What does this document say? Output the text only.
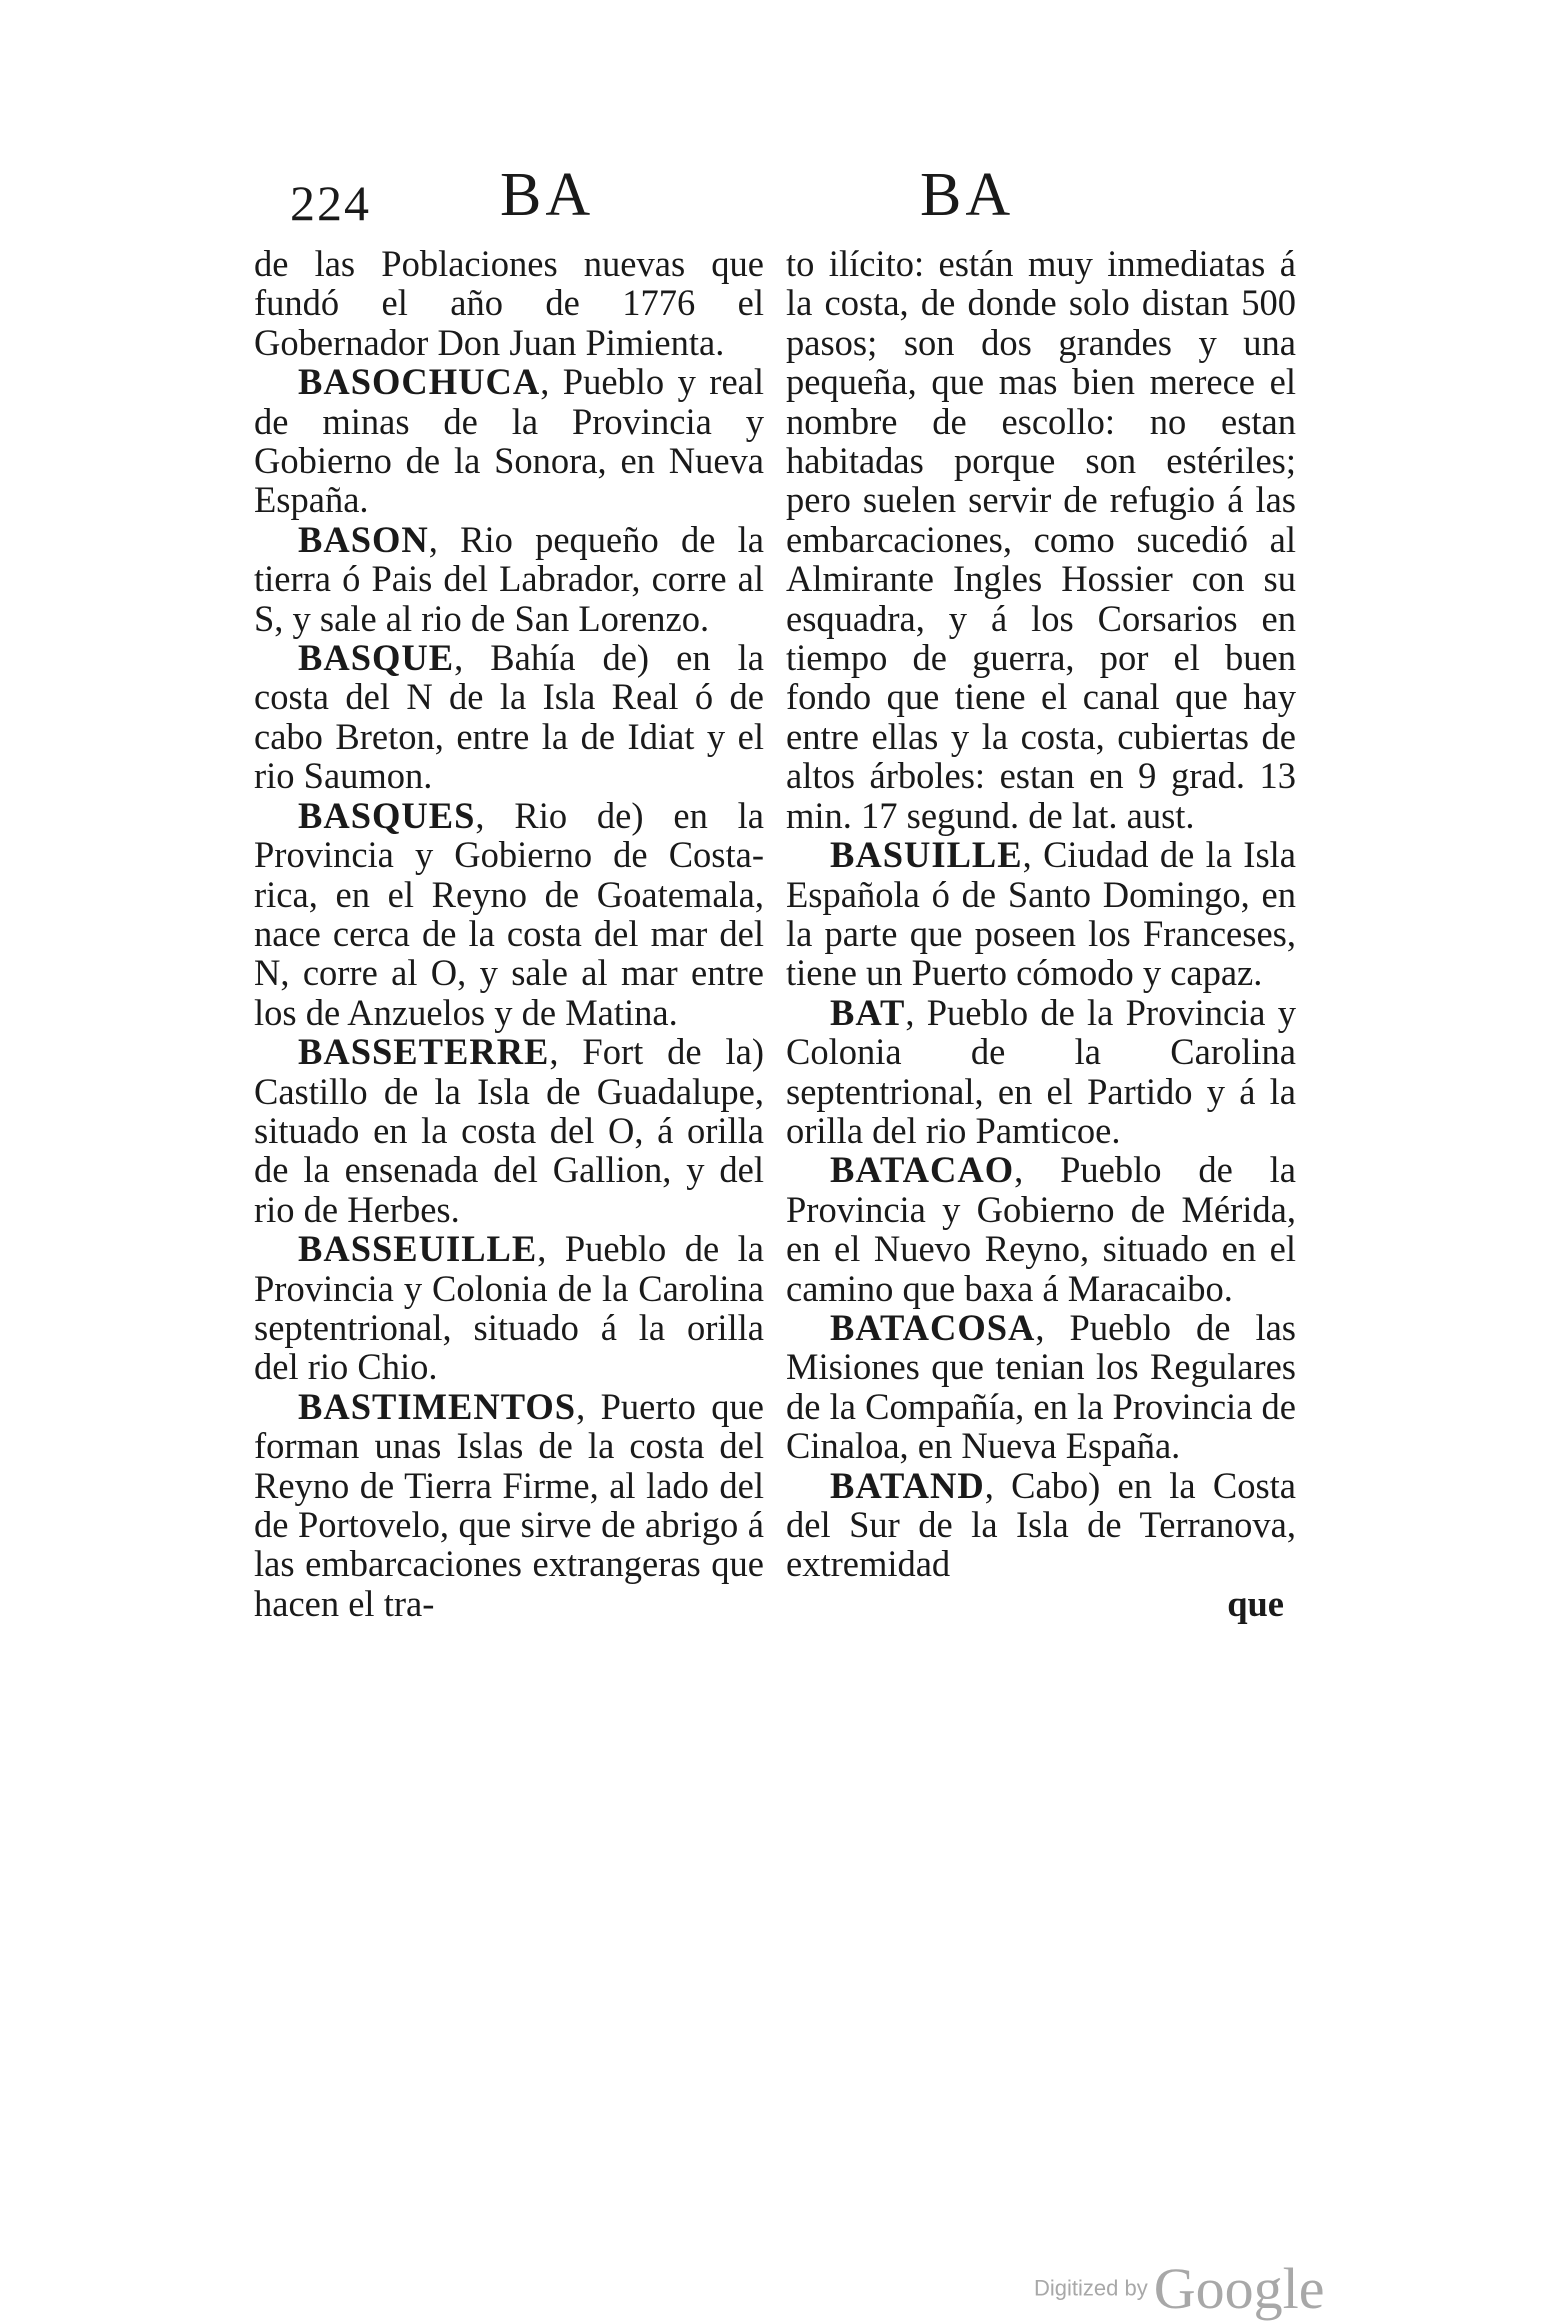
224 BA	BA

de las Poblaciones nuevas que fundó el año de 1776 el Gobernador Don Juan Pimienta.

BASOCHUCA, Pueblo y real de minas de la Provincia y Gobierno de la Sonora, en Nueva España.

BASON, Rio pequeño de la tierra ó Pais del Labrador, corre al S, y sale al rio de San Lorenzo.

BASQUE, Bahía de) en la costa del N de la Isla Real ó de cabo Breton, entre la de Idiat y el rio Saumon.

BASQUES, Rio de) en la Provincia y Gobierno de Costa-rica, en el Reyno de Goatemala, nace cerca de la costa del mar del N, corre al O, y sale al mar entre los de Anzuelos y de Matina.

BASSETERRE, Fort de la) Castillo de la Isla de Guadalupe, situado en la costa del O, á orilla de la ensenada del Gallion, y del rio de Herbes.

BASSEUILLE, Pueblo de la Provincia y Colonia de la Carolina septentrional, situado á la orilla del rio Chio.

BASTIMENTOS, Puerto que forman unas Islas de la costa del Reyno de Tierra Firme, al lado del de Portovelo, que sirve de abrigo á las embarcaciones extrangeras que hacen el tra-

to ilícito: están muy inmediatas á la costa, de donde solo distan 500 pasos; son dos grandes y una pequeña, que mas bien merece el nombre de escollo: no estan habitadas porque son estériles; pero suelen servir de refugio á las embarcaciones, como sucedió al Almirante Ingles Hossier con su esquadra, y á los Corsarios en tiempo de guerra, por el buen fondo que tiene el canal que hay entre ellas y la costa, cubiertas de altos árboles: estan en 9 grad. 13 min. 17 segund. de lat. aust.

BASUILLE, Ciudad de la Isla Española ó de Santo Domingo, en la parte que poseen los Franceses, tiene un Puerto cómodo y capaz.

BAT, Pueblo de la Provincia y Colonia de la Carolina septentrional, en el Partido y á la orilla del rio Pamticoe.

BATACAO, Pueblo de la Provincia y Gobierno de Mérida, en el Nuevo Reyno, situado en el camino que baxa á Maracaibo.

BATACOSA, Pueblo de las Misiones que tenian los Regulares de la Compañía, en la Provincia de Cinaloa, en Nueva España.

BATAND, Cabo) en la Costa del Sur de la Isla de Terranova, extremidad

que

Digitized by Google
